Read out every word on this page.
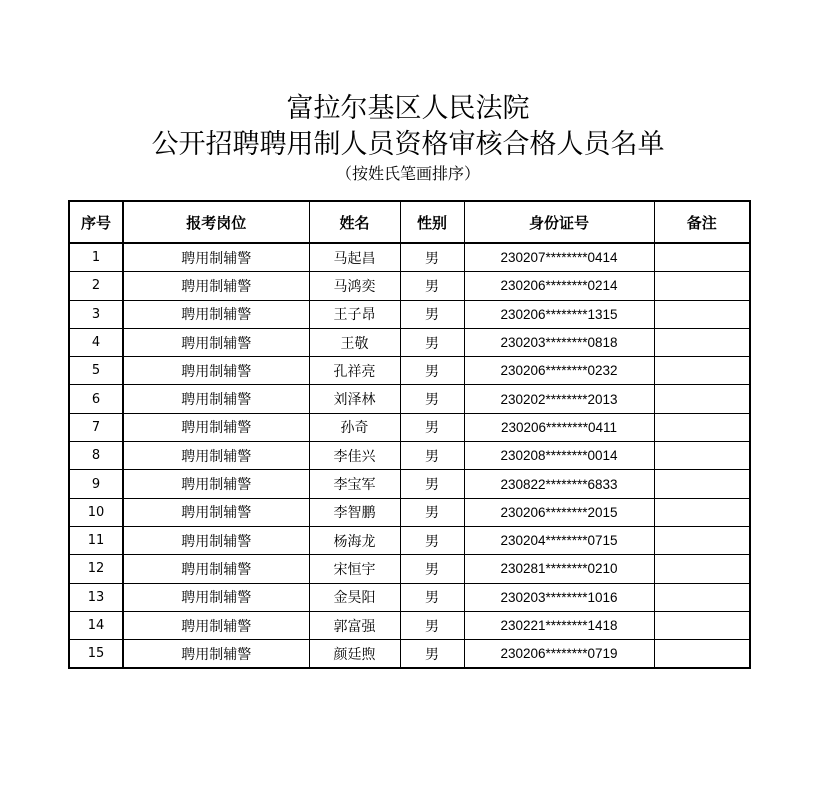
富拉尔基区人民法院
公开招聘聘用制人员资格审核合格人员名单
（按姓氏笔画排序）
序号	报考岗位	姓名	性别	身份证号	备注
1	聘用制辅警	马起昌	男	230207********0414	
2	聘用制辅警	马鸿奕	男	230206********0214	
3	聘用制辅警	王子昂	男	230206********1315	
4	聘用制辅警	王敬	男	230203********0818	
5	聘用制辅警	孔祥亮	男	230206********0232	
6	聘用制辅警	刘泽林	男	230202********2013	
7	聘用制辅警	孙奇	男	230206********0411	
8	聘用制辅警	李佳兴	男	230208********0014	
9	聘用制辅警	李宝军	男	230822********6833	
10	聘用制辅警	李智鹏	男	230206********2015	
11	聘用制辅警	杨海龙	男	230204********0715	
12	聘用制辅警	宋恒宇	男	230281********0210	
13	聘用制辅警	金昊阳	男	230203********1016	
14	聘用制辅警	郭富强	男	230221********1418	
15	聘用制辅警	颜廷煦	男	230206********0719	
